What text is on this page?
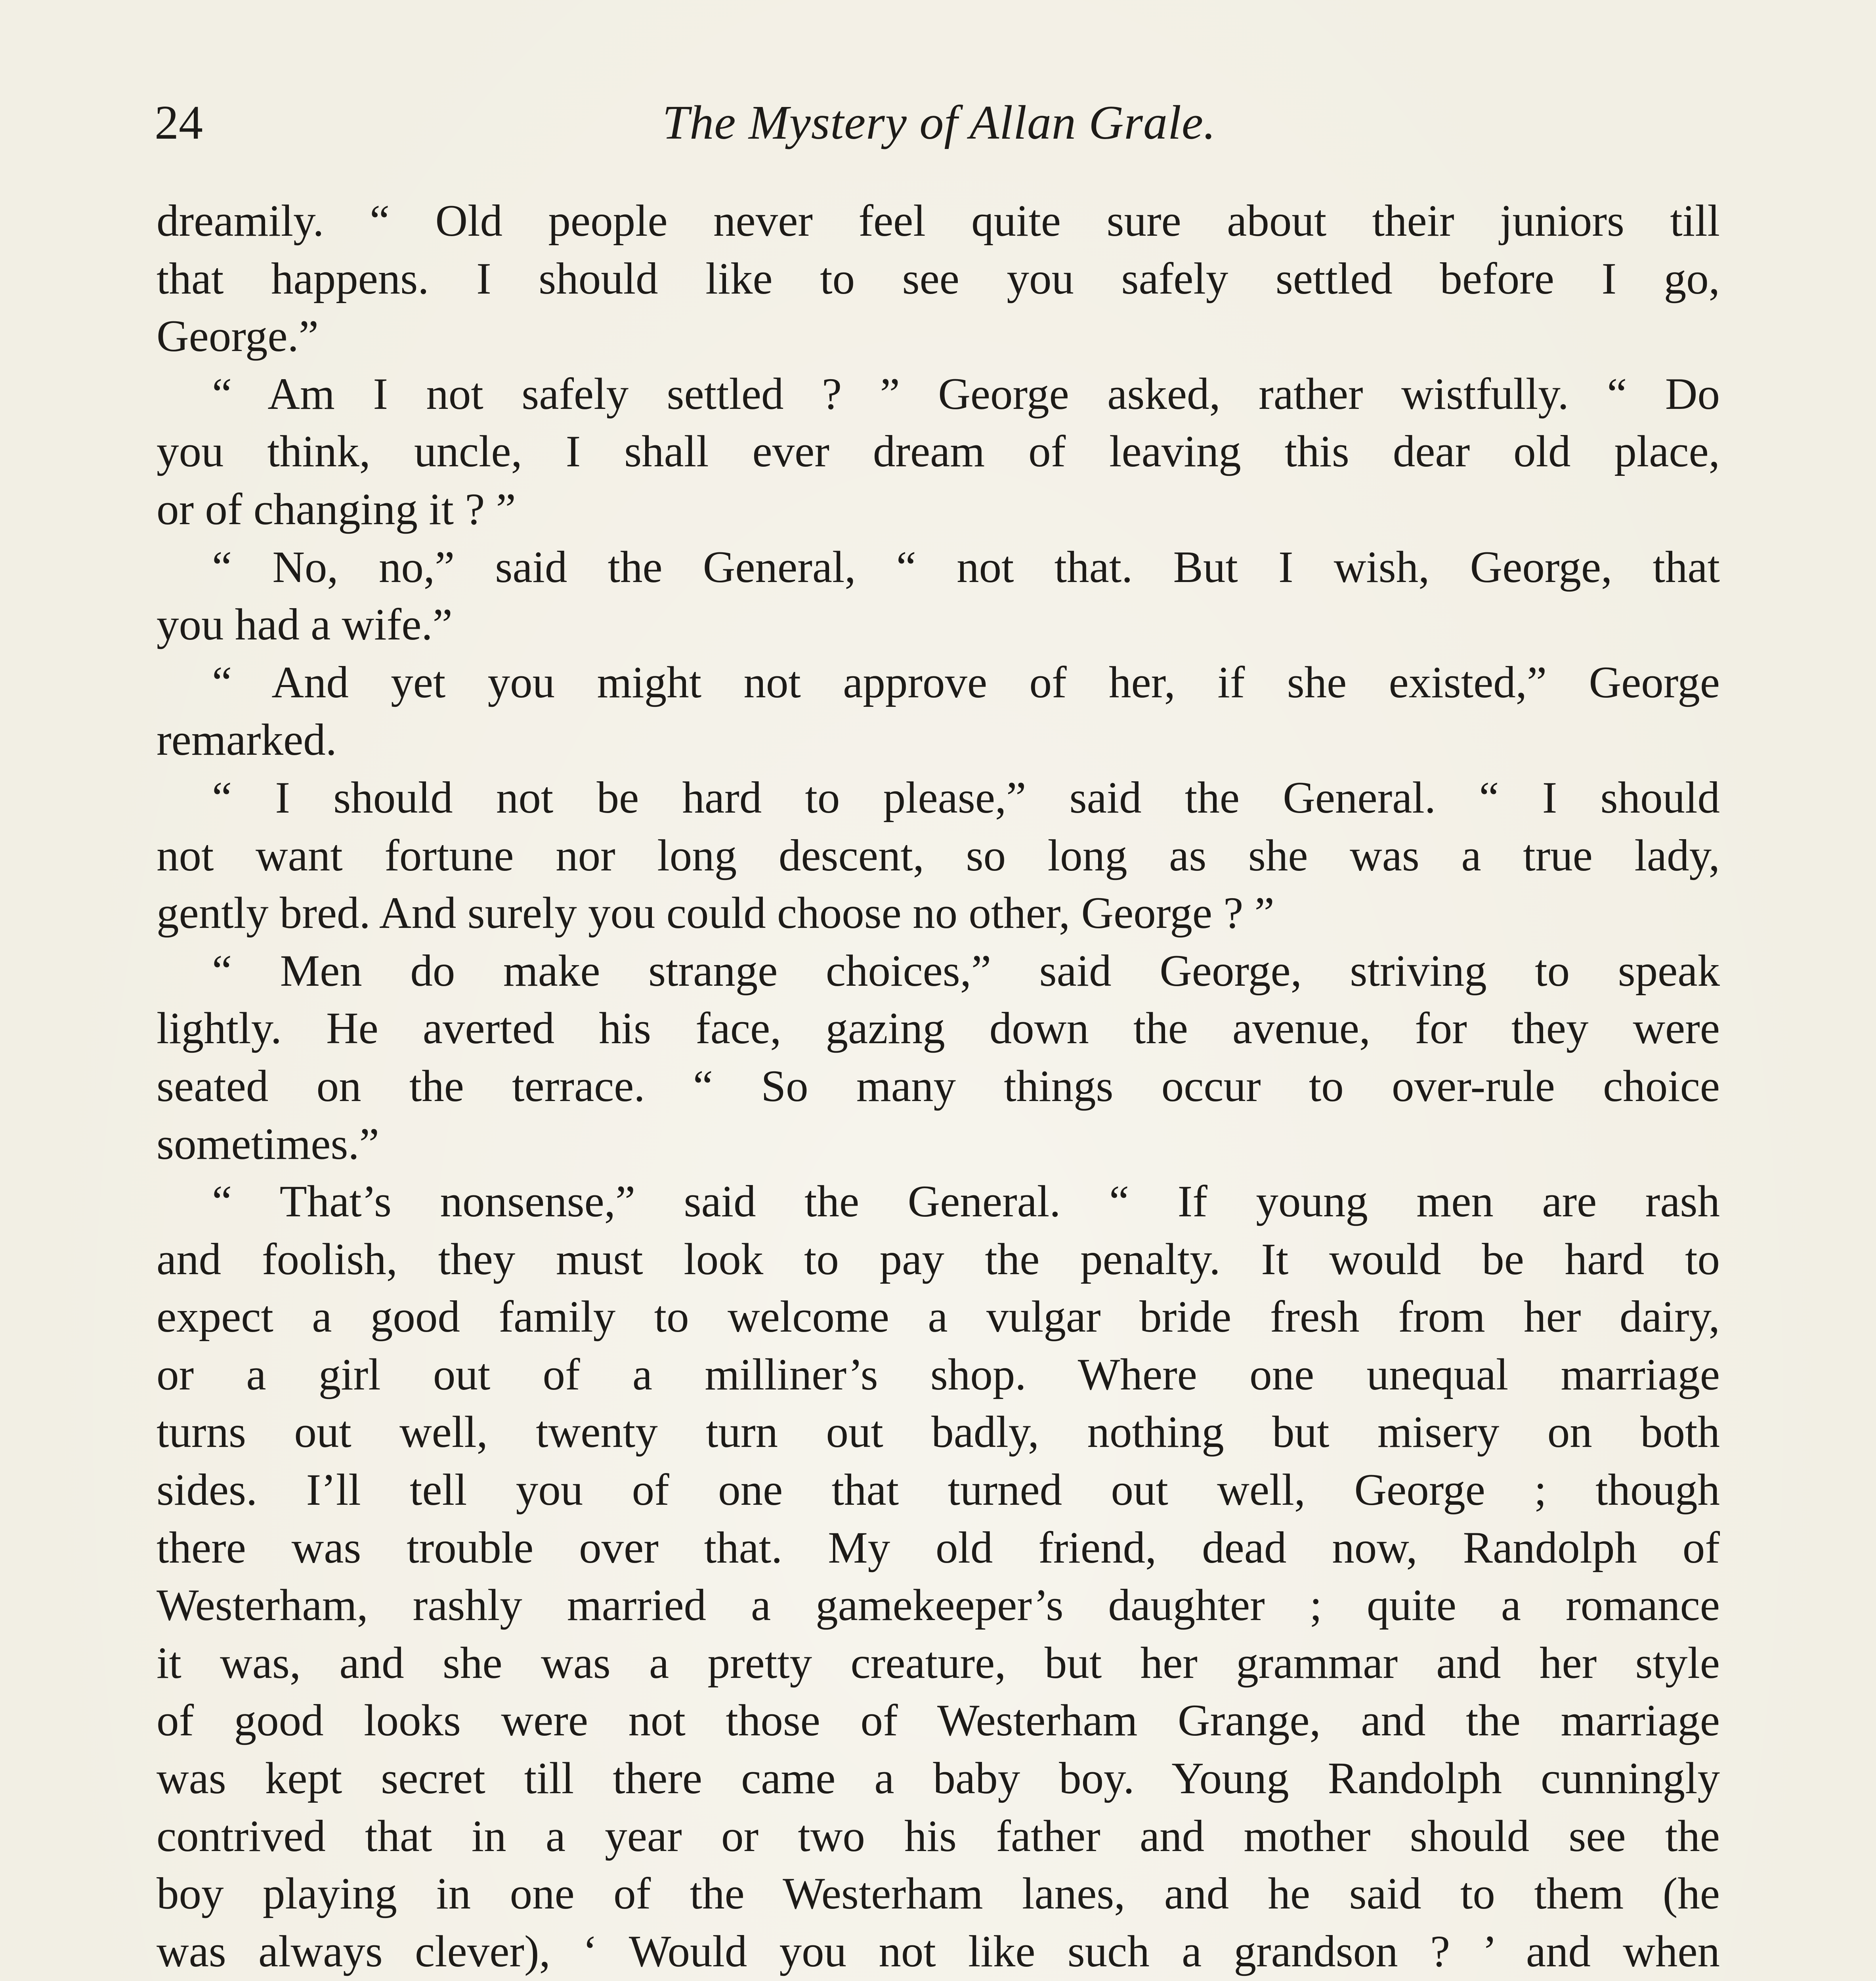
24	The Mystery of Allan Grale.
dreamily. “ Old people never feel quite sure about their juniors till
that happens. I should like to see you safely settled before I go,
George.”
“ Am I not safely settled ? ” George asked, rather wistfully. “ Do
you think, uncle, I shall ever dream of leaving this dear old place,
or of changing it ? ”
“ No, no,” said the General, “ not that. But I wish, George, that
you had a wife.”
“ And yet you might not approve of her, if she existed,” George
remarked.
“ I should not be hard to please,” said the General. “ I should
not want fortune nor long descent, so long as she was a true lady,
gently bred. And surely you could choose no other, George ? ”
“ Men do make strange choices,” said George, striving to speak
lightly. He averted his face, gazing down the avenue, for they were
seated on the terrace. “ So many things occur to over-rule choice
sometimes.”
“ That’s nonsense,” said the General. “ If young men are rash
and foolish, they must look to pay the penalty. It would be hard to
expect a good family to welcome a vulgar bride fresh from her dairy,
or a girl out of a milliner’s shop. Where one unequal marriage
turns out well, twenty turn out badly, nothing but misery on both
sides. I’ll tell you of one that turned out well, George ; though
there was trouble over that. My old friend, dead now, Randolph of
Westerham, rashly married a gamekeeper’s daughter ; quite a romance
it was, and she was a pretty creature, but her grammar and her style
of good looks were not those of Westerham Grange, and the marriage
was kept secret till there came a baby boy. Young Randolph cunningly
contrived that in a year or two his father and mother should see the
boy playing in one of the Westerham lanes, and he said to them (he
was always clever), ‘ Would you not like such a grandson ? ’ and when
